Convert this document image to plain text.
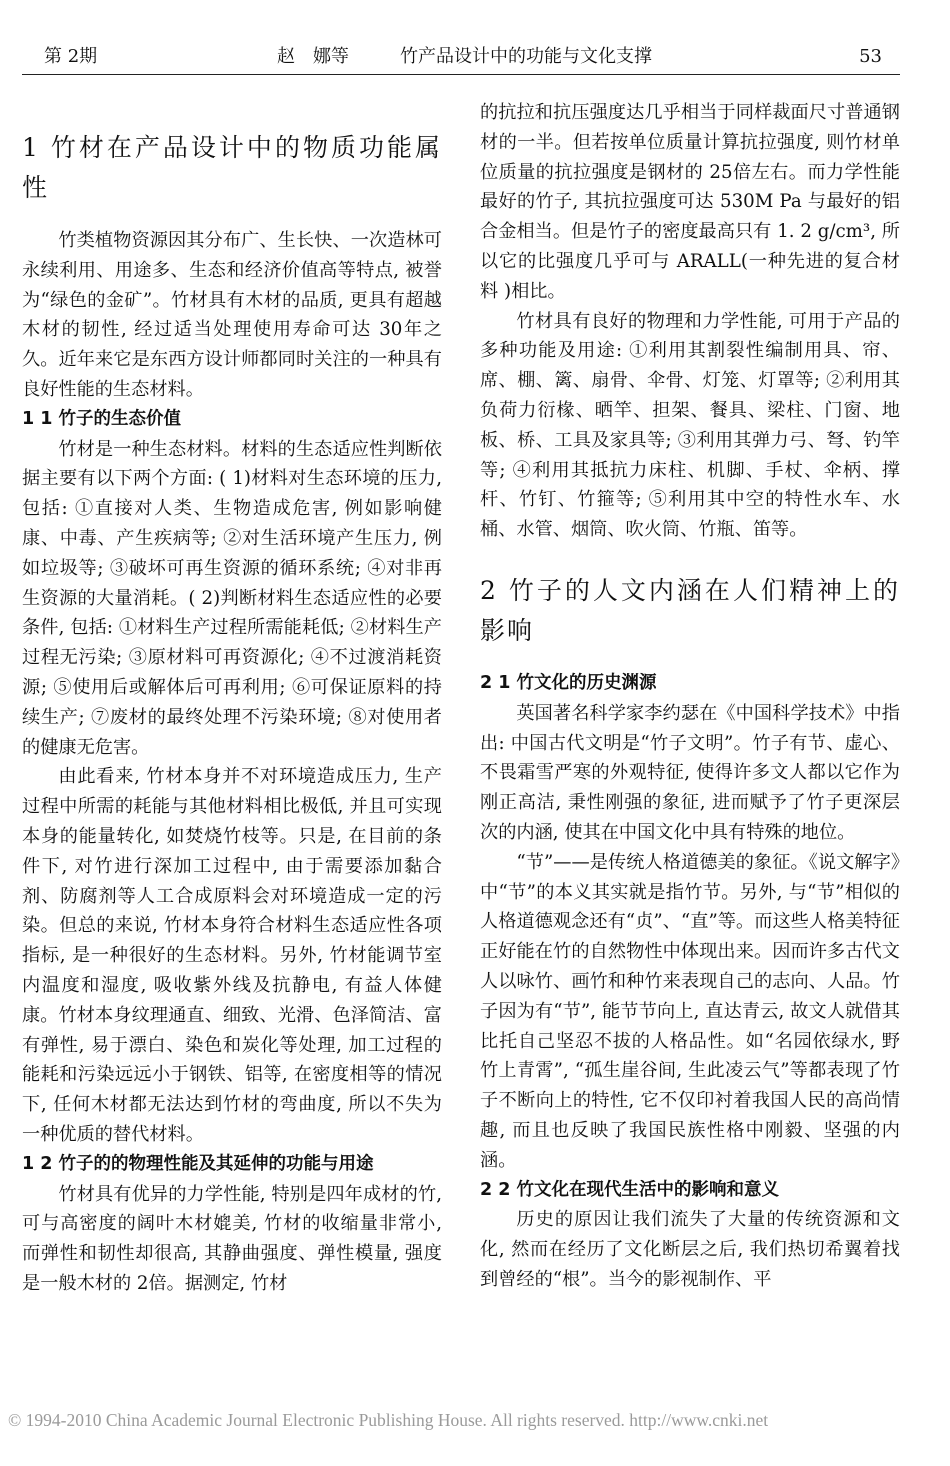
第 2期	赵　娜等	竹产品设计中的功能与文化支撑	53
1 竹材在产品设计中的物质功能属性

竹类植物资源因其分布广、生长快、一次造林可永续利用、用途多、生态和经济价值高等特点, 被誉为“绿色的金矿”。竹材具有木材的品质, 更具有超越木材的韧性, 经过适当处理使用寿命可达 30年之久。近年来它是东西方设计师都同时关注的一种具有良好性能的生态材料。

1 1 竹子的生态价值

竹材是一种生态材料。材料的生态适应性判断依据主要有以下两个方面: ( 1)材料对生态环境的压力, 包括: ①直接对人类、生物造成危害, 例如影响健康、中毒、产生疾病等; ②对生活环境产生压力, 例如垃圾等; ③破坏可再生资源的循环系统; ④对非再生资源的大量消耗。( 2)判断材料生态适应性的必要条件, 包括: ①材料生产过程所需能耗低; ②材料生产过程无污染; ③原材料可再资源化; ④不过渡消耗资源; ⑤使用后或解体后可再利用; ⑥可保证原料的持续生产; ⑦废材的最终处理不污染环境; ⑧对使用者的健康无危害。

由此看来, 竹材本身并不对环境造成压力, 生产过程中所需的耗能与其他材料相比极低, 并且可实现本身的能量转化, 如焚烧竹枝等。只是, 在目前的条件下, 对竹进行深加工过程中, 由于需要添加黏合剂、防腐剂等人工合成原料会对环境造成一定的污染。但总的来说, 竹材本身符合材料生态适应性各项指标, 是一种很好的生态材料。另外, 竹材能调节室内温度和湿度, 吸收紫外线及抗静电, 有益人体健康。竹材本身纹理通直、细致、光滑、色泽简洁、富有弹性, 易于漂白、染色和炭化等处理, 加工过程的能耗和污染远远小于钢铁、铝等, 在密度相等的情况下, 任何木材都无法达到竹材的弯曲度, 所以不失为一种优质的替代材料。

1 2 竹子的的物理性能及其延伸的功能与用途

竹材具有优异的力学性能, 特别是四年成材的竹, 可与高密度的阔叶木材媲美, 竹材的收缩量非常小, 而弹性和韧性却很高, 其静曲强度、弹性模量, 强度是一般木材的 2倍。据测定, 竹材

的抗拉和抗压强度达几乎相当于同样裁面尺寸普通钢材的一半。但若按单位质量计算抗拉强度, 则竹材单位质量的抗拉强度是钢材的 25倍左右。而力学性能最好的竹子, 其抗拉强度可达 530M Pa 与最好的铝合金相当。但是竹子的密度最高只有 1. 2 g/cm³, 所以它的比强度几乎可与 ARALL(一种先进的复合材料 )相比。

竹材具有良好的物理和力学性能, 可用于产品的多种功能及用途: ①利用其割裂性编制用具、帘、席、棚、篱、扇骨、伞骨、灯笼、灯罩等; ②利用其负荷力衍椽、晒竿、担架、餐具、梁柱、门窗、地板、桥、工具及家具等; ③利用其弹力弓、弩、钓竿等; ④利用其抵抗力床柱、机脚、手杖、伞柄、撑杆、竹钉、竹箍等; ⑤利用其中空的特性水车、水桶、水管、烟筒、吹火筒、竹瓶、笛等。

2 竹子的人文内涵在人们精神上的影响
2 1 竹文化的历史渊源

英国著名科学家李约瑟在《中国科学技术》中指出: 中国古代文明是“竹子文明”。竹子有节、虚心、不畏霜雪严寒的外观特征, 使得许多文人都以它作为刚正高洁, 秉性刚强的象征, 进而赋予了竹子更深层次的内涵, 使其在中国文化中具有特殊的地位。

“节”——是传统人格道德美的象征。《说文解字》中“节”的本义其实就是指竹节。另外, 与“节”相似的人格道德观念还有“贞”、“直”等。而这些人格美特征正好能在竹的自然物性中体现出来。因而许多古代文人以咏竹、画竹和种竹来表现自己的志向、人品。竹子因为有“节”, 能节节向上, 直达青云, 故文人就借其比托自己坚忍不拔的人格品性。如“名园依绿水, 野竹上青霄”, “孤生崖谷间, 生此凌云气”等都表现了竹子不断向上的特性, 它不仅印衬着我国人民的高尚情趣, 而且也反映了我国民族性格中刚毅、坚强的内涵。

2 2 竹文化在现代生活中的影响和意义

历史的原因让我们流失了大量的传统资源和文化, 然而在经历了文化断层之后, 我们热切希翼着找到曾经的“根”。当今的影视制作、平

© 1994-2010 China Academic Journal Electronic Publishing House. All rights reserved. http://www.cnki.net
